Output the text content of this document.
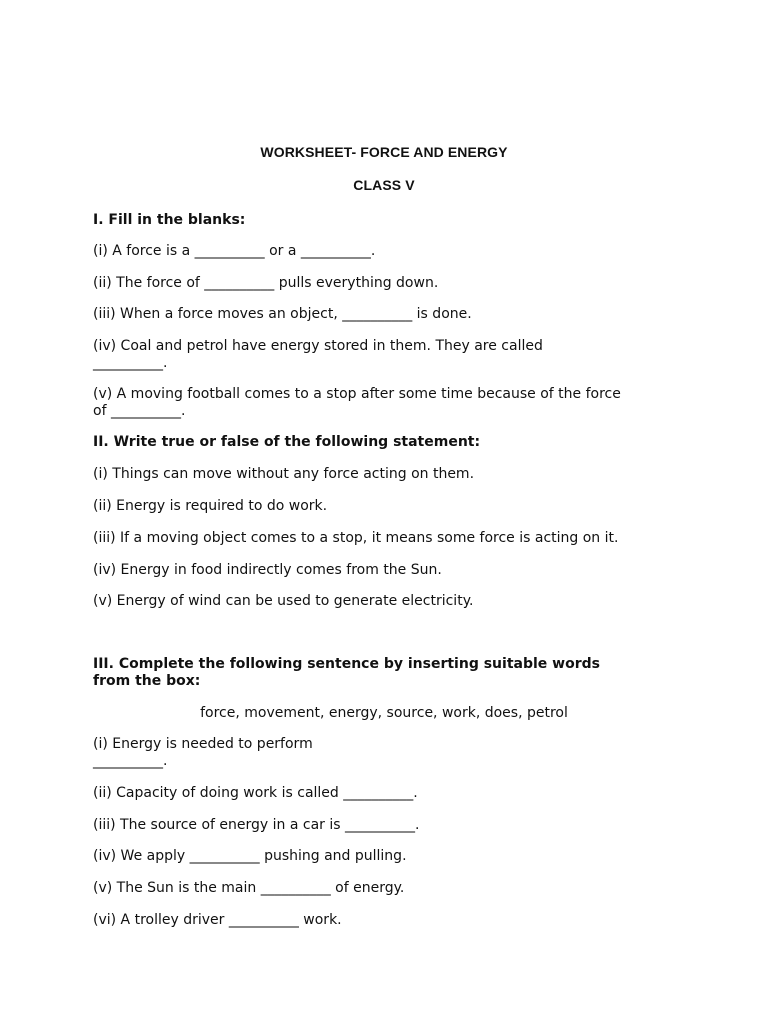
WORKSHEET- FORCE AND ENERGY
CLASS V
I. Fill in the blanks:
(i) A force is a __________ or a __________.
(ii) The force of __________ pulls everything down.
(iii) When a force moves an object, __________ is done.
(iv) Coal and petrol have energy stored in them. They are called
__________.
(v) A moving football comes to a stop after some time because of the force
of __________.
II. Write true or false of the following statement:
(i) Things can move without any force acting on them.
(ii) Energy is required to do work.
(iii) If a moving object comes to a stop, it means some force is acting on it.
(iv) Energy in food indirectly comes from the Sun.
(v) Energy of wind can be used to generate electricity.
III. Complete the following sentence by inserting suitable words
from the box:
force, movement, energy, source, work, does, petrol
(i) Energy is needed to perform
__________.
(ii) Capacity of doing work is called __________.
(iii) The source of energy in a car is __________.
(iv) We apply __________ pushing and pulling.
(v) The Sun is the main __________ of energy.
(vi) A trolley driver __________ work.
